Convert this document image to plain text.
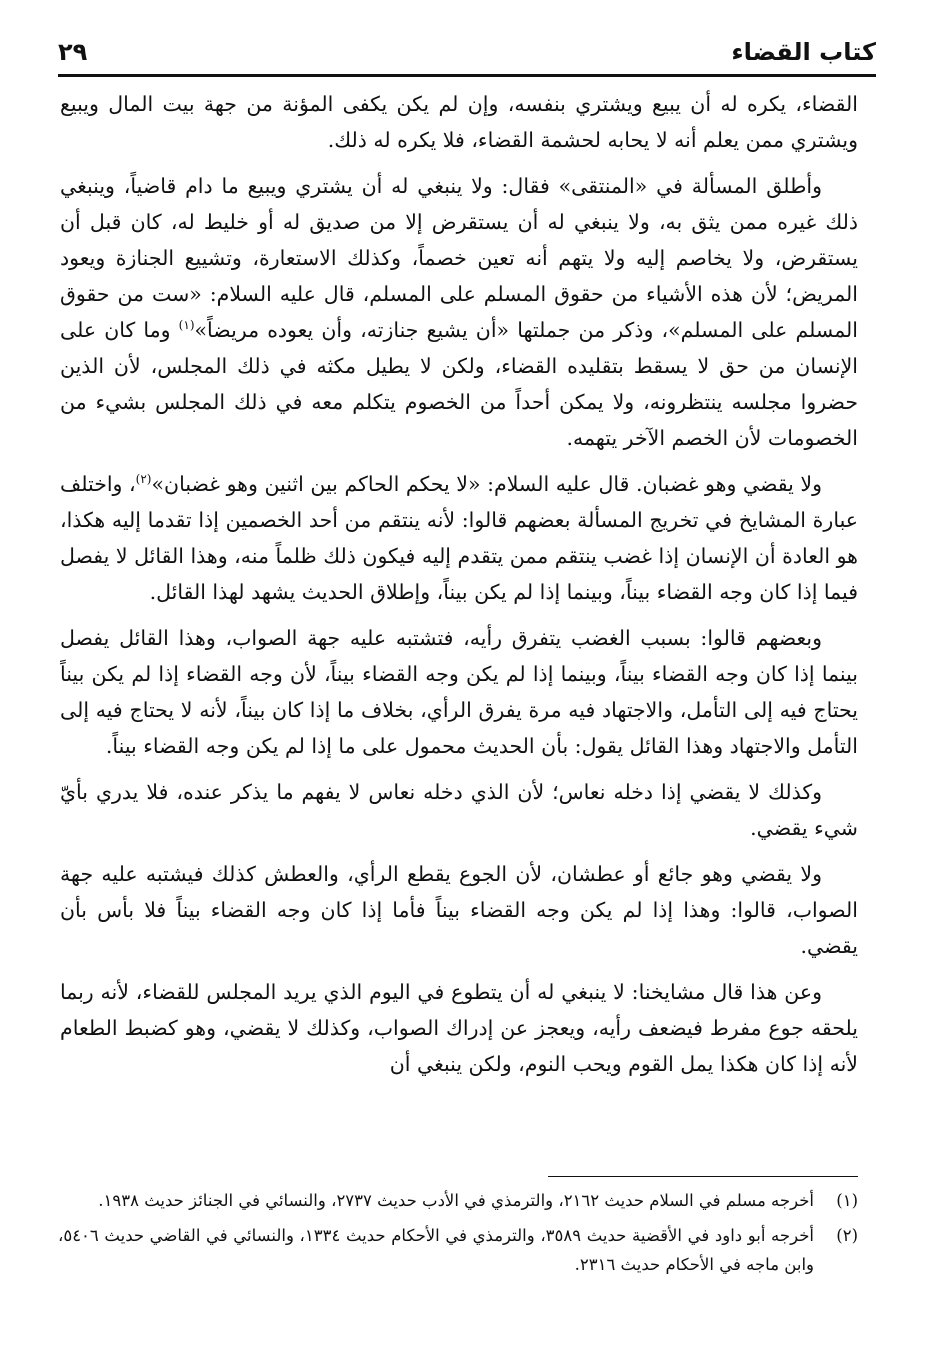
كتاب القضاء
٢٩

القضاء، يكره له أن يبيع ويشتري بنفسه، وإن لم يكن يكفى المؤنة من جهة بيت المال ويبيع ويشتري ممن يعلم أنه لا يحابه لحشمة القضاء، فلا يكره له ذلك.

وأطلق المسألة في «المنتقى» فقال: ولا ينبغي له أن يشتري ويبيع ما دام قاضياً، وينبغي ذلك غيره ممن يثق به، ولا ينبغي له أن يستقرض إلا من صديق له أو خليط له، كان قبل أن يستقرض، ولا يخاصم إليه ولا يتهم أنه تعين خصماً، وكذلك الاستعارة، وتشييع الجنازة ويعود المريض؛ لأن هذه الأشياء من حقوق المسلم على المسلم، قال عليه السلام: «ست من حقوق المسلم على المسلم»، وذكر من جملتها «أن يشيع جنازته، وأن يعوده مريضاً»$^{(١)}$ وما كان على الإنسان من حق لا يسقط بتقليده القضاء، ولكن لا يطيل مكثه في ذلك المجلس، لأن الذين حضروا مجلسه ينتظرونه، ولا يمكن أحداً من الخصوم يتكلم معه في ذلك المجلس بشيء من الخصومات لأن الخصم الآخر يتهمه.

ولا يقضي وهو غضبان. قال عليه السلام: «لا يحكم الحاكم بين اثنين وهو غضبان»$^{(٢)}$، واختلف عبارة المشايخ في تخريج المسألة بعضهم قالوا: لأنه ينتقم من أحد الخصمين إذا تقدما إليه هكذا، هو العادة أن الإنسان إذا غضب ينتقم ممن يتقدم إليه فيكون ذلك ظلماً منه، وهذا القائل لا يفصل فيما إذا كان وجه القضاء بيناً، وبينما إذا لم يكن بيناً، وإطلاق الحديث يشهد لهذا القائل.

وبعضهم قالوا: بسبب الغضب يتفرق رأيه، فتشتبه عليه جهة الصواب، وهذا القائل يفصل بينما إذا كان وجه القضاء بيناً، وبينما إذا لم يكن وجه القضاء بيناً، لأن وجه القضاء إذا لم يكن بيناً يحتاج فيه إلى التأمل، والاجتهاد فيه مرة يفرق الرأي، بخلاف ما إذا كان بيناً، لأنه لا يحتاج فيه إلى التأمل والاجتهاد وهذا القائل يقول: بأن الحديث محمول على ما إذا لم يكن وجه القضاء بيناً.

وكذلك لا يقضي إذا دخله نعاس؛ لأن الذي دخله نعاس لا يفهم ما يذكر عنده، فلا يدري بأيّ شيء يقضي.

ولا يقضي وهو جائع أو عطشان، لأن الجوع يقطع الرأي، والعطش كذلك فيشتبه عليه جهة الصواب، قالوا: وهذا إذا لم يكن وجه القضاء بيناً فأما إذا كان وجه القضاء بيناً فلا بأس بأن يقضي.

وعن هذا قال مشايخنا: لا ينبغي له أن يتطوع في اليوم الذي يريد المجلس للقضاء، لأنه ربما يلحقه جوع مفرط فيضعف رأيه، ويعجز عن إدراك الصواب، وكذلك لا يقضي، وهو كضبط الطعام لأنه إذا كان هكذا يمل القوم ويحب النوم، ولكن ينبغي أن

(١)
أخرجه مسلم في السلام حديث ٢١٦٢، والترمذي في الأدب حديث ٢٧٣٧، والنسائي في الجنائز حديث ١٩٣٨.
(٢)
أخرجه أبو داود في الأقضية حديث ٣٥٨٩، والترمذي في الأحكام حديث ١٣٣٤، والنسائي في القاضي حديث ٥٤٠٦، وابن ماجه في الأحكام حديث ٢٣١٦.
